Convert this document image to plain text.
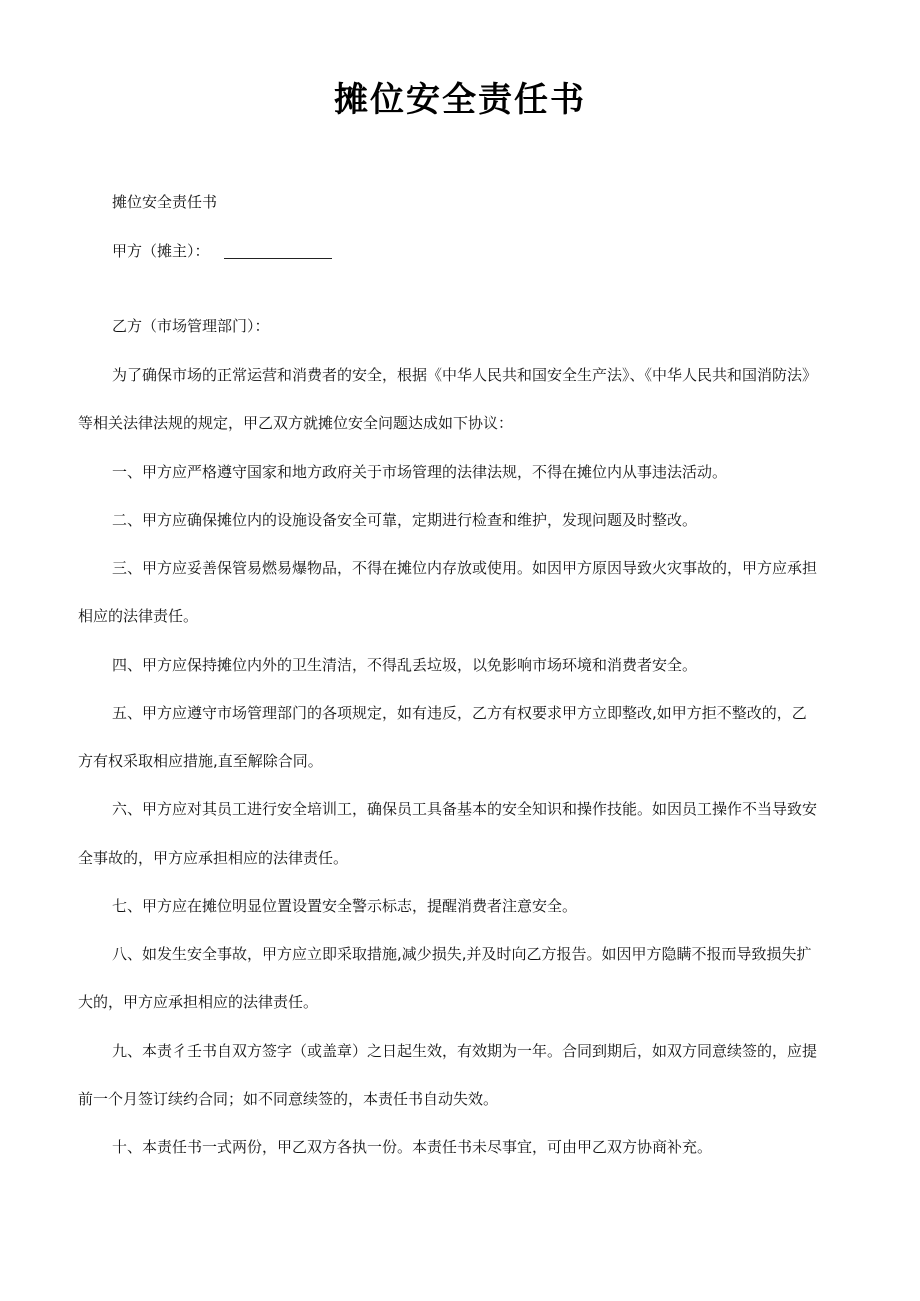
摊位安全责任书
摊位安全责任书
甲方（摊主）：
乙方（市场管理部门）：
为了确保市场的正常运营和消费者的安全，根据《中华人民共和国安全生产法》、《中华人民共和国消防法》
等相关法律法规的规定，甲乙双方就摊位安全问题达成如下协议：
一、甲方应严格遵守国家和地方政府关于市场管理的法律法规，不得在摊位内从事违法活动。
二、甲方应确保摊位内的设施设备安全可靠，定期进行检查和维护，发现问题及时整改。
三、甲方应妥善保管易燃易爆物品，不得在摊位内存放或使用。如因甲方原因导致火灾事故的，甲方应承担
相应的法律责任。
四、甲方应保持摊位内外的卫生清洁，不得乱丢垃圾，以免影响市场环境和消费者安全。
五、甲方应遵守市场管理部门的各项规定，如有违反，乙方有权要求甲方立即整改,如甲方拒不整改的，乙
方有权采取相应措施,直至解除合同。
六、甲方应对其员工进行安全培训工，确保员工具备基本的安全知识和操作技能。如因员工操作不当导致安
全事故的，甲方应承担相应的法律责任。
七、甲方应在摊位明显位置设置安全警示标志，提醒消费者注意安全。
八、如发生安全事故，甲方应立即采取措施,减少损失,并及时向乙方报告。如因甲方隐瞒不报而导致损失扩
大的，甲方应承担相应的法律责任。
九、本责彳壬书自双方签字（或盖章）之日起生效，有效期为一年。合同到期后，如双方同意续签的，应提
前一个月签订续约合同；如不同意续签的，本责任书自动失效。
十、本责任书一式两份，甲乙双方各执一份。本责任书未尽事宜，可由甲乙双方协商补充。
